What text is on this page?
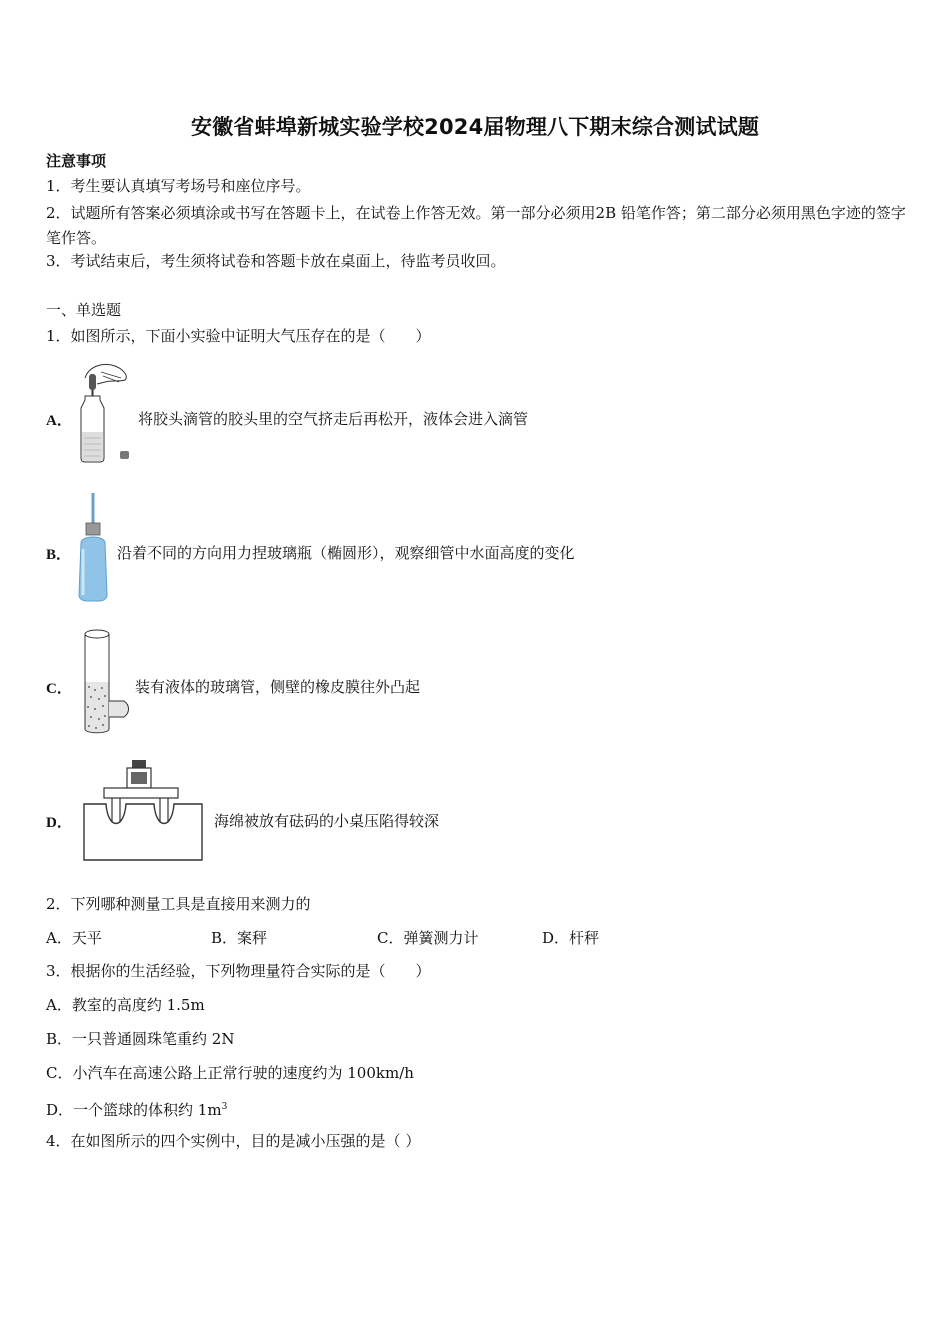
安徽省蚌埠新城实验学校2024届物理八下期末综合测试试题
注意事项
1．考生要认真填写考场号和座位序号。
2．试题所有答案必须填涂或书写在答题卡上，在试卷上作答无效。第一部分必须用2B 铅笔作答；第二部分必须用黑色字迹的签字笔作答。
3．考试结束后，考生须将试卷和答题卡放在桌面上，待监考员收回。
一、单选题
1．如图所示，下面小实验中证明大气压存在的是（　　）
A．	将胶头滴管的胶头里的空气挤走后再松开，液体会进入滴管
B．	沿着不同的方向用力捏玻璃瓶（椭圆形），观察细管中水面高度的变化
C．	装有液体的玻璃管，侧壁的橡皮膜往外凸起
D．	海绵被放有砝码的小桌压陷得较深
2．下列哪种测量工具是直接用来测力的
A．天平	B．案秤	C．弹簧测力计	D．杆秤
3．根据你的生活经验，下列物理量符合实际的是（　　）
A．教室的高度约 1.5m
B．一只普通圆珠笔重约 2N
C．小汽车在高速公路上正常行驶的速度约为 100km/h
D．一个篮球的体积约 $1m^3$
4．在如图所示的四个实例中，目的是减小压强的是（ ）
